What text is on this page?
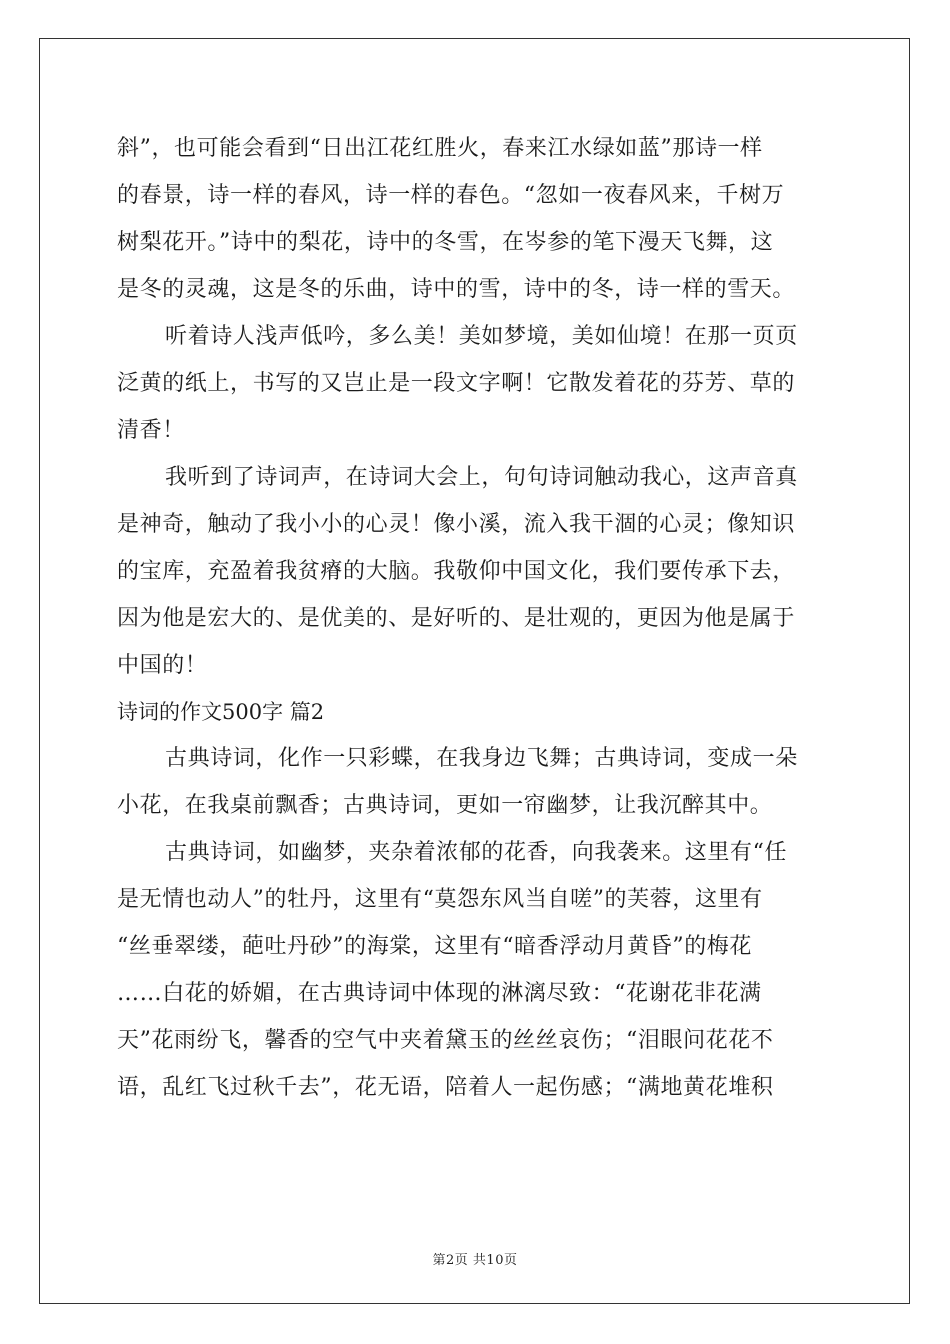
斜”，也可能会看到“日出江花红胜火，春来江水绿如蓝”那诗一样
的春景，诗一样的春风，诗一样的春色。“忽如一夜春风来，千树万
树梨花开。”诗中的梨花，诗中的冬雪，在岑参的笔下漫天飞舞，这
是冬的灵魂，这是冬的乐曲，诗中的雪，诗中的冬，诗一样的雪天。
听着诗人浅声低吟，多么美！美如梦境，美如仙境！在那一页页
泛黄的纸上，书写的又岂止是一段文字啊！它散发着花的芬芳、草的
清香！
我听到了诗词声，在诗词大会上，句句诗词触动我心，这声音真
是神奇，触动了我小小的心灵！像小溪，流入我干涸的心灵；像知识
的宝库，充盈着我贫瘠的大脑。我敬仰中国文化，我们要传承下去，
因为他是宏大的、是优美的、是好听的、是壮观的，更因为他是属于
中国的！
诗词的作文500字 篇2
古典诗词，化作一只彩蝶，在我身边飞舞；古典诗词，变成一朵
小花，在我桌前飘香；古典诗词，更如一帘幽梦，让我沉醉其中。
古典诗词，如幽梦，夹杂着浓郁的花香，向我袭来。这里有“任
是无情也动人”的牡丹，这里有“莫怨东风当自嗟”的芙蓉，这里有
“丝垂翠缕，葩吐丹砂”的海棠，这里有“暗香浮动月黄昏”的梅花
……白花的娇媚，在古典诗词中体现的淋漓尽致：“花谢花非花满
天”花雨纷飞，馨香的空气中夹着黛玉的丝丝哀伤；“泪眼问花花不
语，乱红飞过秋千去”，花无语，陪着人一起伤感；“满地黄花堆积
第2页 共10页
